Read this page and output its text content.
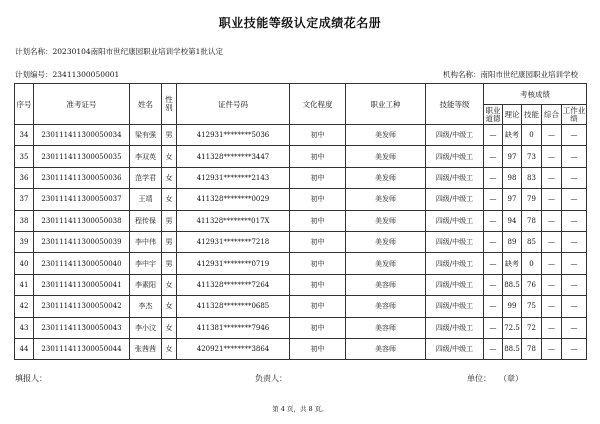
职业技能等级认定成绩花名册
计划名称：20230104南阳市世纪康园职业培训学校第1批认定
计划编号：23411300050001	机构名称：南阳市世纪康园职业培训学校
序号	准考证号	姓名	性别	证件号码	文化程度	职业工种	技能等级	考核成绩				
								职业道德	理论	技能	综合	工作业绩
34	230111411300050034	梁有强	男	412931********5036	初中	美发师	四级/中级工	—	缺考	0	—	—
35	230111411300050035	李双英	女	411328********3447	初中	美发师	四级/中级工	—	97	73	—	—
36	230111411300050036	范学君	女	412931********2143	初中	美发师	四级/中级工	—	98	83	—	—
37	230111411300050037	王靖	女	411328********0029	初中	美发师	四级/中级工	—	97	79	—	—
38	230111411300050038	程传保	男	411328********017X	初中	美发师	四级/中级工	—	94	78	—	—
39	230111411300050039	李中伟	男	412931********7218	初中	美发师	四级/中级工	—	89	85	—	—
40	230111411300050040	李中宇	男	412931********0719	初中	美发师	四级/中级工	—	缺考	0	—	—
41	230111411300050041	李素阳	女	411328********7264	初中	美容师	四级/中级工	—	88.5	76	—	—
42	230111411300050042	李杰	女	411328********0685	初中	美容师	四级/中级工	—	99	75	—	—
43	230111411300050043	李小汶	女	411381********7946	初中	美容师	四级/中级工	—	72.5	72	—	—
44	230111411300050044	张茜茜	女	420921********3864	初中	美容师	四级/中级工	—	88.5	78	—	—
填报人：	负责人：	单位：　　（章）
第 4 页，共 8 页。
